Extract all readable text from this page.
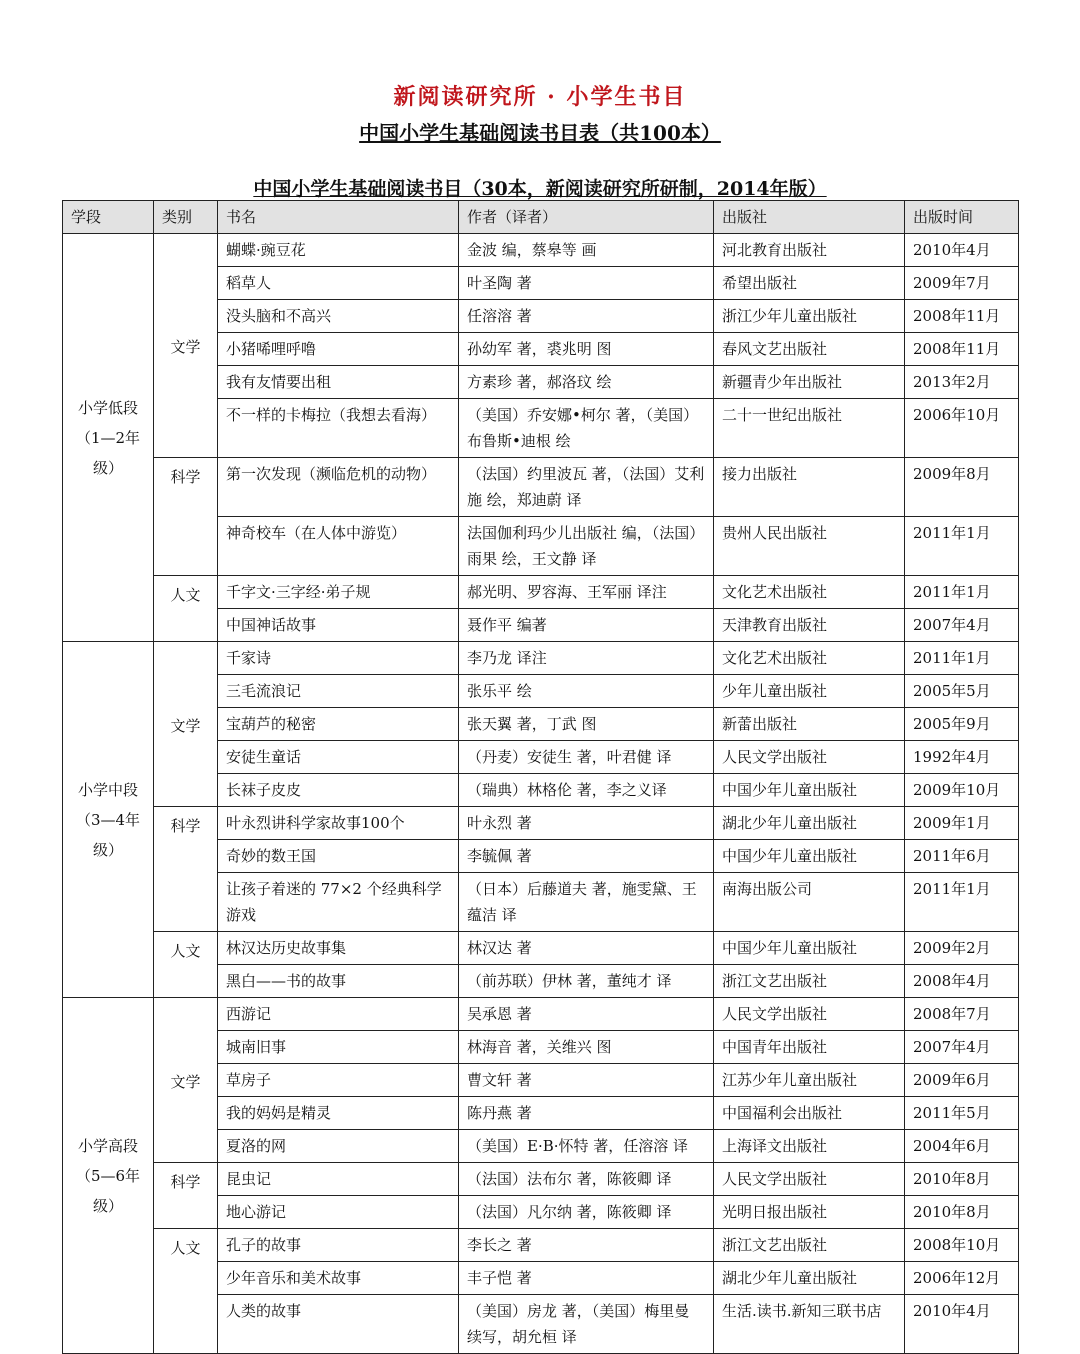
新阅读研究所 · 小学生书目
中国小学生基础阅读书目表（共100本）
中国小学生基础阅读书目（30本，新阅读研究所研制，2014年版）
学段	类别	书名	作者（译者）	出版社	出版时间

小学低段
（1—2年
级）	文学	蝴蝶·豌豆花	金波 编，蔡皋等 画	河北教育出版社	2010年4月
		稻草人	叶圣陶 著	希望出版社	2009年7月
		没头脑和不高兴	任溶溶 著	浙江少年儿童出版社	2008年11月
		小猪唏哩呼噜	孙幼军 著，裘兆明 图	春风文艺出版社	2008年11月
		我有友情要出租	方素珍 著，郝洛玟 绘	新疆青少年出版社	2013年2月
		不一样的卡梅拉（我想去看海）	（美国）乔安娜•柯尔 著，（美国）布鲁斯•迪根 绘	二十一世纪出版社	2006年10月
	科学	第一次发现（濒临危机的动物）	（法国）约里波瓦 著，（法国）艾利施 绘，郑迪蔚 译	接力出版社	2009年8月
		神奇校车（在人体中游览）	法国伽利玛少儿出版社 编，（法国）雨果 绘，王文静 译	贵州人民出版社	2011年1月
	人文	千字文·三字经·弟子规	郝光明、罗容海、王军丽 译注	文化艺术出版社	2011年1月
		中国神话故事	聂作平 编著	天津教育出版社	2007年4月

小学中段
（3—4年
级）	文学	千家诗	李乃龙 译注	文化艺术出版社	2011年1月
		三毛流浪记	张乐平 绘	少年儿童出版社	2005年5月
		宝葫芦的秘密	张天翼 著，丁武 图	新蕾出版社	2005年9月
		安徒生童话	（丹麦）安徒生 著，叶君健 译	人民文学出版社	1992年4月
		长袜子皮皮	（瑞典）林格伦 著，李之义译	中国少年儿童出版社	2009年10月
	科学	叶永烈讲科学家故事100个	叶永烈 著	湖北少年儿童出版社	2009年1月
		奇妙的数王国	李毓佩 著	中国少年儿童出版社	2011年6月
		让孩子着迷的 77×2 个经典科学游戏	（日本）后藤道夫 著，施雯黛、王蕴洁 译	南海出版公司	2011年1月
	人文	林汉达历史故事集	林汉达 著	中国少年儿童出版社	2009年2月
		黑白——书的故事	（前苏联）伊林 著，董纯才 译	浙江文艺出版社	2008年4月

小学高段
（5—6年
级）	文学	西游记	吴承恩 著	人民文学出版社	2008年7月
		城南旧事	林海音 著，关维兴 图	中国青年出版社	2007年4月
		草房子	曹文轩 著	江苏少年儿童出版社	2009年6月
		我的妈妈是精灵	陈丹燕 著	中国福利会出版社	2011年5月
		夏洛的网	（美国）E·B·怀特 著，任溶溶 译	上海译文出版社	2004年6月
	科学	昆虫记	（法国）法布尔 著，陈筱卿 译	人民文学出版社	2010年8月
		地心游记	（法国）凡尔纳 著，陈筱卿 译	光明日报出版社	2010年8月
	人文	孔子的故事	李长之 著	浙江文艺出版社	2008年10月
		少年音乐和美术故事	丰子恺 著	湖北少年儿童出版社	2006年12月
		人类的故事	（美国）房龙 著，（美国）梅里曼 续写，胡允桓 译	生活.读书.新知三联书店	2010年4月
